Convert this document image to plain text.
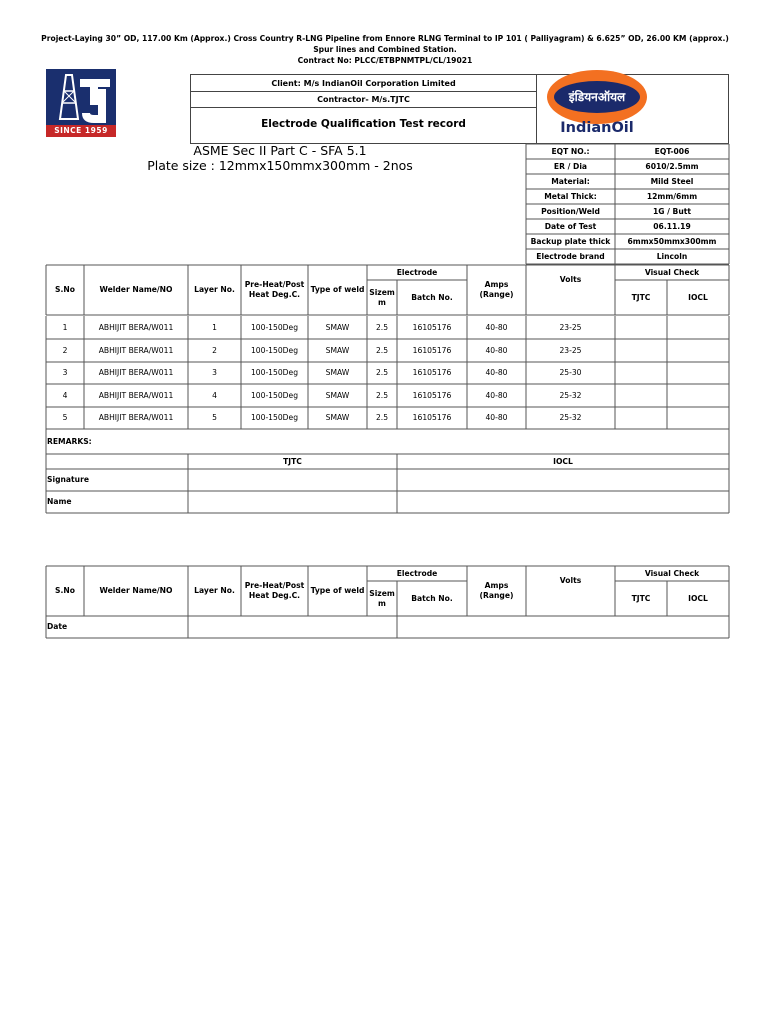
Project-Laying 30” OD, 117.00 Km (Approx.) Cross Country R-LNG Pipeline from Ennore RLNG Terminal to IP 101 ( Palliyagram) & 6.625” OD, 26.00 KM (approx.)
Spur lines and Combined Station.
Contract No: PLCC/ETBPNMTPL/CL/19021
SINCE 1959
Client: M/s IndianOil Corporation Limited
Contractor- M/s.TJTC
Electrode Qualification Test record
इंडियनऑयल
IndianOil
ASME Sec II Part C - SFA 5.1
Plate size : 12mmx150mmx300mm - 2nos
EQT NO.:	EQT-006
ER / Dia	6010/2.5mm
Material:	Mild Steel
Metal Thick:	12mm/6mm
Position/Weld	1G / Butt
Date of Test	06.11.19
Backup plate thick 6mmx50mmx300mm
Electrode brand	Lincoln
S.No	Welder Name/NO	Layer No.
Pre-Heat/Post
Heat Deg.C.
Type of weld
Electrode
Sizem
m
Batch No.
Amps
(Range)
Volts
Visual Check
TJTC	IOCL
1	ABHIJIT BERA/W011	1	100-150Deg	SMAW	2.5	16105176	40-80	23-25
2	ABHIJIT BERA/W011	2	100-150Deg	SMAW	2.5	16105176	40-80	23-25
3	ABHIJIT BERA/W011	3	100-150Deg	SMAW	2.5	16105176	40-80	25-30
4	ABHIJIT BERA/W011	4	100-150Deg	SMAW	2.5	16105176	40-80	25-32
5	ABHIJIT BERA/W011	5	100-150Deg	SMAW	2.5	16105176	40-80	25-32
REMARKS:
TJTC	IOCL
Signature
Name
S.No	Welder Name/NO	Layer No.
Pre-Heat/Post
Heat Deg.C.
Type of weld
Electrode
Sizem
m
Batch No.
Amps
(Range)
Volts
Visual Check
TJTC	IOCL
Date
